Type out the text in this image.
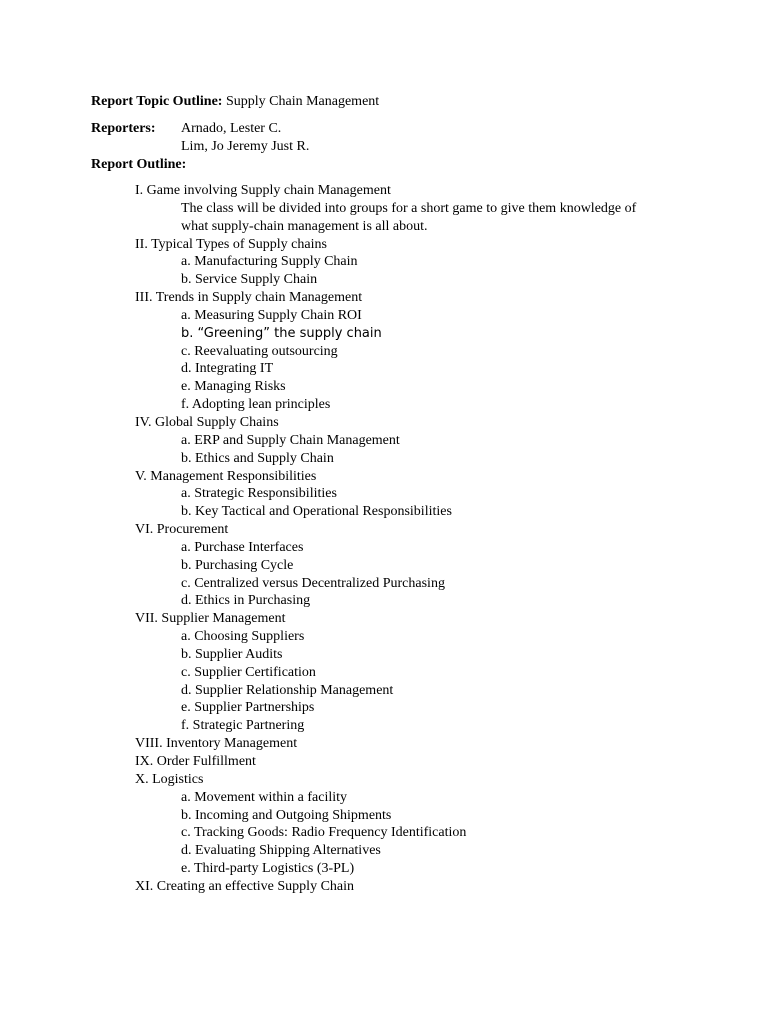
Report Topic Outline: Supply Chain Management
Reporters: Arnado, Lester C.
Lim, Jo Jeremy Just R.
Report Outline:
I. Game involving Supply chain Management
The class will be divided into groups for a short game to give them knowledge of
what supply-chain management is all about.
II. Typical Types of Supply chains
a. Manufacturing Supply Chain
b. Service Supply Chain
III. Trends in Supply chain Management
a. Measuring Supply Chain ROI
b. “Greening” the supply chain
c. Reevaluating outsourcing
d. Integrating IT
e. Managing Risks
f. Adopting lean principles
IV. Global Supply Chains
a. ERP and Supply Chain Management
b. Ethics and Supply Chain
V. Management Responsibilities
a. Strategic Responsibilities
b. Key Tactical and Operational Responsibilities
VI. Procurement
a. Purchase Interfaces
b. Purchasing Cycle
c. Centralized versus Decentralized Purchasing
d. Ethics in Purchasing
VII. Supplier Management
a. Choosing Suppliers
b. Supplier Audits
c. Supplier Certification
d. Supplier Relationship Management
e. Supplier Partnerships
f. Strategic Partnering
VIII. Inventory Management
IX. Order Fulfillment
X. Logistics
a. Movement within a facility
b. Incoming and Outgoing Shipments
c. Tracking Goods: Radio Frequency Identification
d. Evaluating Shipping Alternatives
e. Third-party Logistics (3-PL)
XI. Creating an effective Supply Chain
